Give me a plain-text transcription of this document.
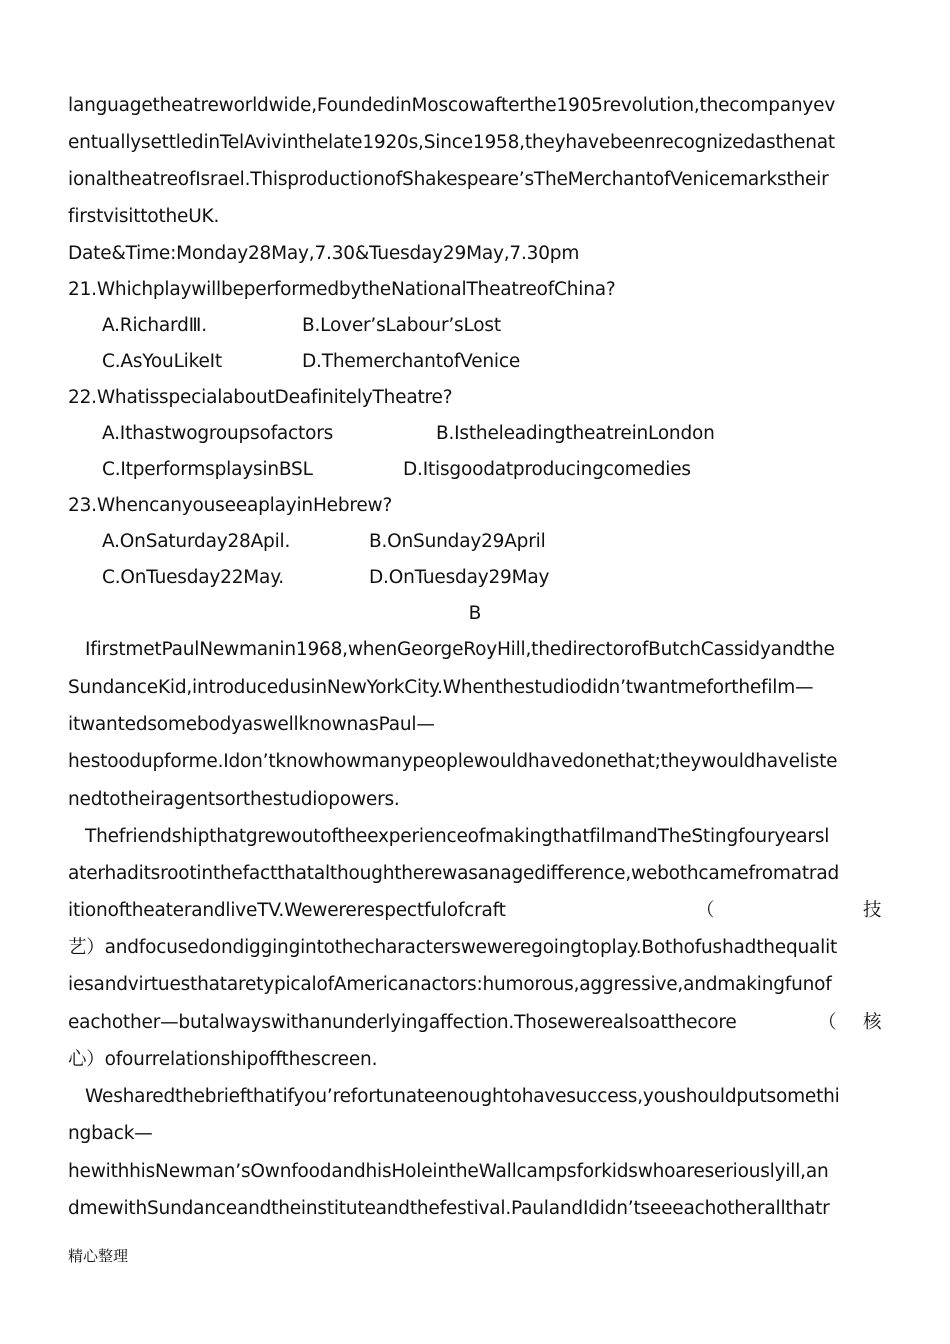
languagetheatreworldwide,FoundedinMoscowafterthe1905revolution,thecompanyev
entuallysettledinTelAvivinthelate1920s,Since1958,theyhavebeenrecognizedasthenat
ionaltheatreofIsrael.ThisproductionofShakespeare’sTheMerchantofVenicemarkstheir
firstvisittotheUK.
Date&Time:Monday28May,7.30&Tuesday29May,7.30pm
21.WhichplaywillbeperformedbytheNationalTheatreofChina?
A.RichardⅢ.	B.Lover’sLabour’sLost
C.AsYouLikeIt	D.ThemerchantofVenice
22.WhatisspecialaboutDeafinitelyTheatre?
A.Ithastwogroupsofactors	B.IstheleadingtheatreinLondon
C.ItperformsplaysinBSL	D.Itisgoodatproducingcomedies
23.WhencanyouseeaplayinHebrew?
A.OnSaturday28Apil.	B.OnSunday29April
C.OnTuesday22May.	D.OnTuesday29May
B
IfirstmetPaulNewmanin1968,whenGeorgeRoyHill,thedirectorofButchCassidyandthe
SundanceKid,introducedusinNewYorkCity.Whenthestudiodidn’twantmeforthefilm—
itwantedsomebodyaswellknownasPaul—
hestoodupforme.Idon’tknowhowmanypeoplewouldhavedonethat;theywouldhaveliste
nedtotheiragentsorthestudiopowers.
ThefriendshipthatgrewoutoftheexperienceofmakingthatfilmandTheStingfouryearsl
aterhaditsrootinthefactthatalthoughtherewasanagedifference,webothcamefromatrad
itionoftheaterandliveTV.Wewererespectfulofcraft	（	技
艺）andfocusedondiggingintothecharactersweweregoingtoplay.Bothofushadthequalit
iesandvirtuesthataretypicalofAmericanactors:humorous,aggressive,andmakingfunof
eachother—butalwayswithanunderlyingaffection.Thosewerealsoatthecore	（ 核
心）ofourrelationshipoffthescreen.
Wesharedthebriefthatifyou’refortunateenoughtohavesuccess,youshouldputsomethi
ngback—
hewithhisNewman’sOwnfoodandhisHoleintheWallcampsforkidswhoareseriouslyill,an
dmewithSundanceandtheinstituteandthefestival.PaulandIdidn’tseeeachotherallthatr
精心整理
